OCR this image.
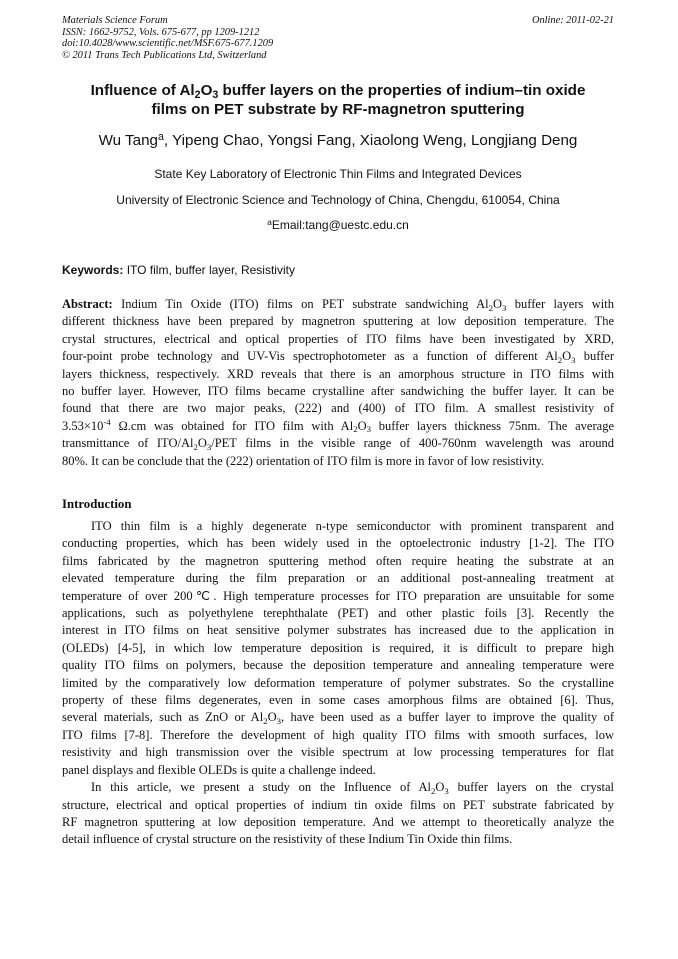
Materials Science Forum
ISSN: 1662-9752, Vols. 675-677, pp 1209-1212
doi:10.4028/www.scientific.net/MSF.675-677.1209
© 2011 Trans Tech Publications Ltd, Switzerland
Online: 2011-02-21
Influence of $Al_2O_3$ buffer layers on the properties of indium–tin oxide
films on PET substrate by RF-magnetron sputtering
Wu Tang$^a$, Yipeng Chao, Yongsi Fang, Xiaolong Weng, Longjiang Deng
State Key Laboratory of Electronic Thin Films and Integrated Devices
University of Electronic Science and Technology of China, Chengdu, 610054, China
$^a$Email:tang@uestc.edu.cn
Keywords: ITO film, buffer layer, Resistivity
Abstract: Indium Tin Oxide (ITO) films on PET substrate sandwiching $Al_2O_3$ buffer layers with
different thickness have been prepared by magnetron sputtering at low deposition temperature. The
crystal structures, electrical and optical properties of ITO films have been investigated by XRD,
four-point probe technology and UV-Vis spectrophotometer as a function of different $Al_2O_3$ buffer
layers thickness, respectively. XRD reveals that there is an amorphous structure in ITO films with
no buffer layer. However, ITO films became crystalline after sandwiching the buffer layer. It can be
found that there are two major peaks, (222) and (400) of ITO film. A smallest resistivity of
$3.53\times 10^{-4}$ Ω.cm was obtained for ITO film with $Al_2O_3$ buffer layers thickness 75nm. The average
transmittance of ITO/$Al_2O_3$/PET films in the visible range of 400-760nm wavelength was around
80%. It can be conclude that the (222) orientation of ITO film is more in favor of low resistivity.
Introduction
ITO thin film is a highly degenerate n-type semiconductor with prominent transparent and
conducting properties, which has been widely used in the optoelectronic industry [1-2]. The ITO
films fabricated by the magnetron sputtering method often require heating the substrate at an
elevated temperature during the film preparation or an additional post-annealing treatment at
temperature of over 200℃. High temperature processes for ITO preparation are unsuitable for some
applications, such as polyethylene terephthalate (PET) and other plastic foils [3]. Recently the
interest in ITO films on heat sensitive polymer substrates has increased due to the application in
(OLEDs) [4-5], in which low temperature deposition is required, it is difficult to prepare high
quality ITO films on polymers, because the deposition temperature and annealing temperature were
limited by the comparatively low deformation temperature of polymer substrates. So the crystalline
property of these films degenerates, even in some cases amorphous films are obtained [6]. Thus,
several materials, such as ZnO or $Al_2O_3$, have been used as a buffer layer to improve the quality of
ITO films [7-8]. Therefore the development of high quality ITO films with smooth surfaces, low
resistivity and high transmission over the visible spectrum at low processing temperatures for flat
panel displays and flexible OLEDs is quite a challenge indeed.
In this article, we present a study on the Influence of $Al_2O_3$ buffer layers on the crystal
structure, electrical and optical properties of indium tin oxide films on PET substrate fabricated by
RF magnetron sputtering at low deposition temperature. And we attempt to theoretically analyze the
detail influence of crystal structure on the resistivity of these Indium Tin Oxide thin films.
